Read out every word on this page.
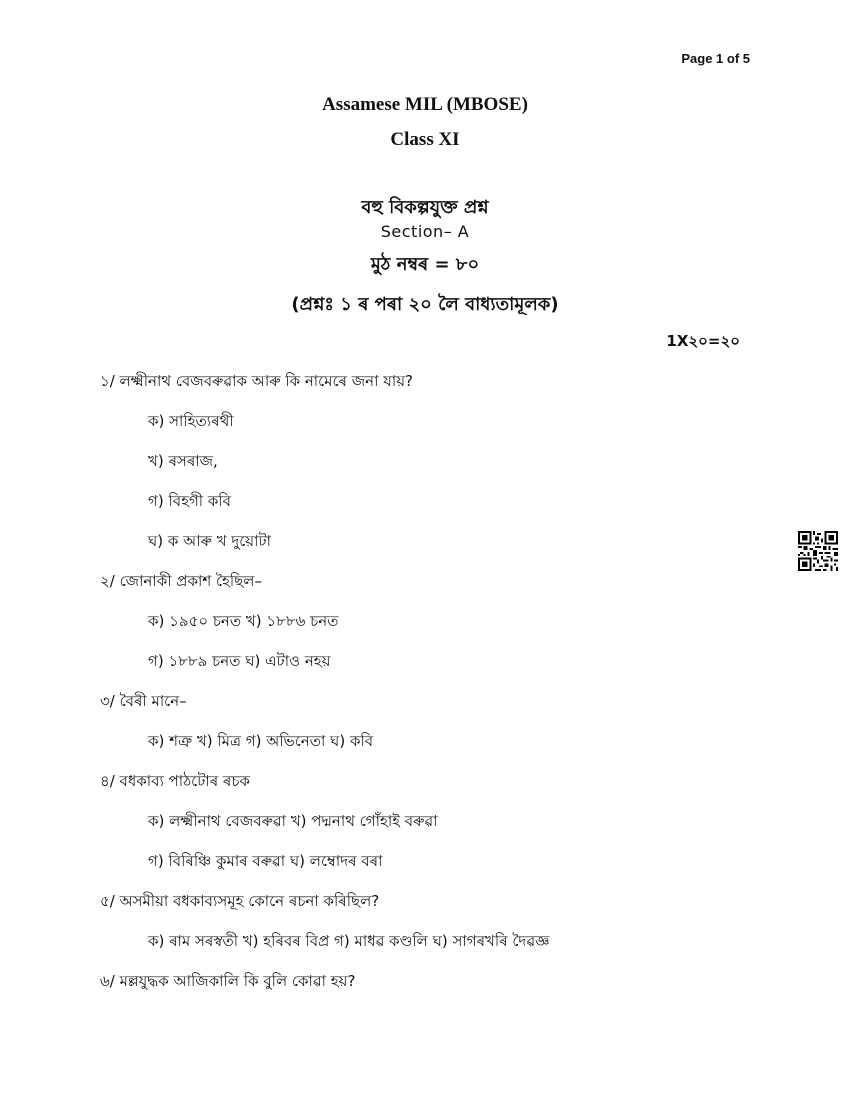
Page 1 of 5
Assamese MIL (MBOSE)
Class XI
বহু বিকল্পযুক্ত প্ৰশ্ন
Section– A
মুঠ নম্বৰ = ৮০
(প্ৰশ্নঃ ১ ৰ পৰা ২০ লৈ বাধ্যতামূলক)
1X২০=২০
১/ লক্ষ্মীনাথ বেজবৰুৱাক আৰু কি নামেৰে জনা যায়?
ক) সাহিত্যৰথী
খ) ৰসৰাজ,
গ) বিহগী কবি
ঘ) ক আৰু খ দুয়োটা
২/ জোনাকী প্ৰকাশ হৈছিল–
ক) ১৯৫০ চনত খ) ১৮৮৬ চনত
গ) ১৮৮৯ চনত ঘ) এটাও নহয়
৩/ বৈৰী মানে–
ক) শত্ৰু খ) মিত্ৰ গ) অভিনেতা ঘ) কবি
৪/ বধকাব্য পাঠটোৰ ৰচক
ক) লক্ষ্মীনাথ বেজবৰুৱা খ) পদ্মনাথ গোঁহাই বৰুৱা
গ) বিৰিঞ্চি কুমাৰ বৰুৱা ঘ) লম্বোদৰ বৰা
৫/ অসমীয়া বধকাব্যসমূহ কোনে ৰচনা কৰিছিল?
ক) ৰাম সৰস্বতী খ) হৰিবৰ বিপ্ৰ গ) মাধৱ কণ্ডলি ঘ) সাগৰখৰি দৈৱজ্ঞ
৬/ মল্লযুদ্ধক আজিকালি কি বুলি কোৱা হয়?
